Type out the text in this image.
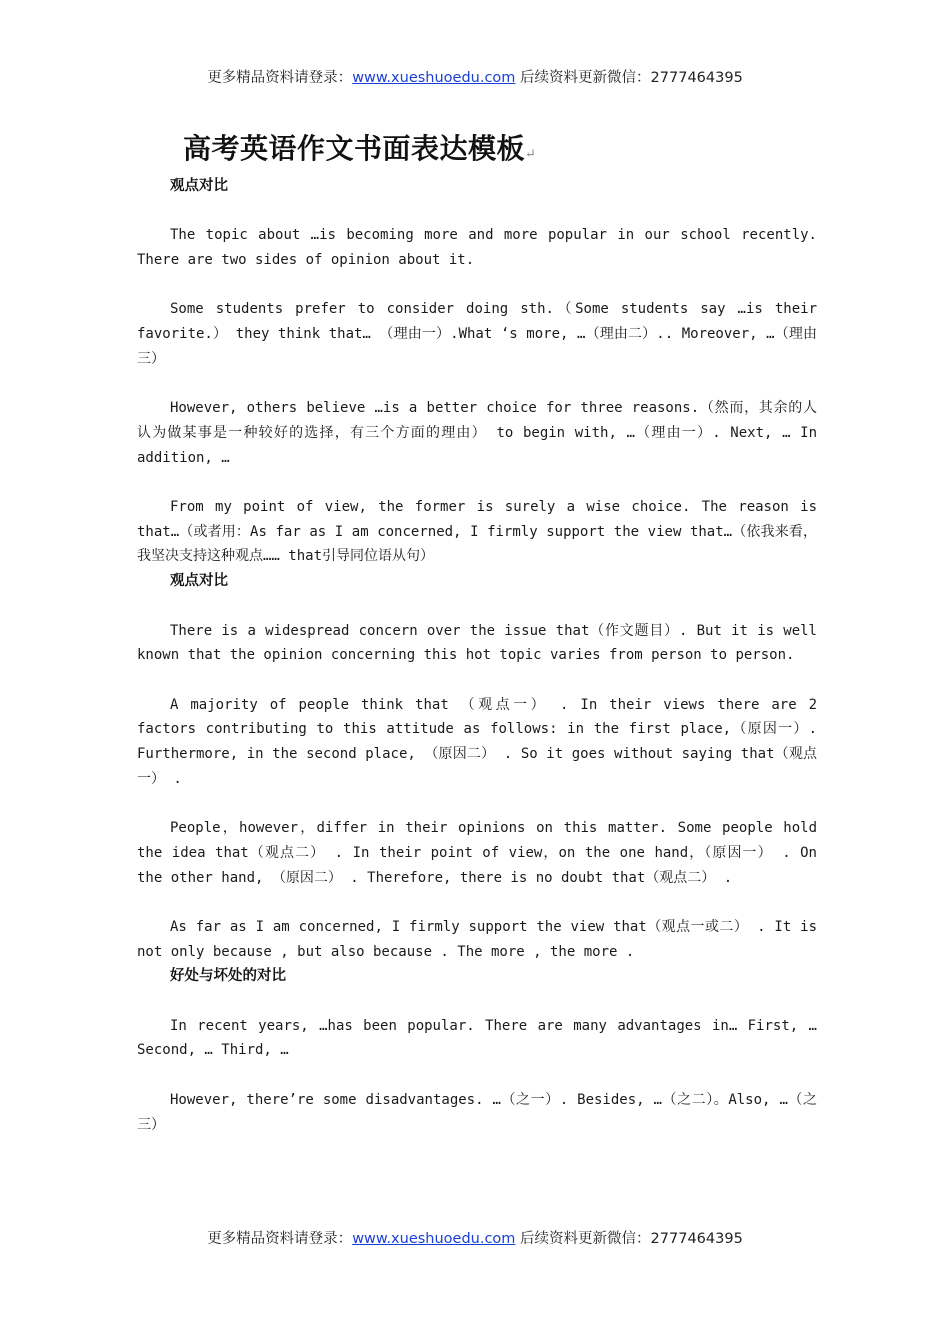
更多精品资料请登录：www.xueshuoedu.com 后续资料更新微信：2777464395
高考英语作文书面表达模板↵
观点对比

The topic about …is becoming more and more popular in our school recently. There are two sides of opinion about it.

Some students prefer to consider doing sth.（Some students say …is their favorite.） they think that… （理由一）.What ‘s more, …（理由二）.. Moreover, …（理由三）

However, others believe …is a better choice for three reasons.（然而，其余的人认为做某事是一种较好的选择，有三个方面的理由） to begin with, …（理由一）. Next, … In addition, …

From my point of view, the former is surely a wise choice. The reason is that…（或者用：As far as I am concerned, I firmly support the view that…（依我来看，我坚决支持这种观点…… that引导同位语从句）

观点对比

There is a widespread concern over the issue that（作文题目）. But it is well known that the opinion concerning this hot topic varies from person to person.

A majority of people think that （观点一） . In their views there are 2 factors contributing to this attitude as follows: in the first place,（原因一）. Furthermore, in the second place, （原因二） . So it goes without saying that（观点一） .

People，however，differ in their opinions on this matter. Some people hold the idea that（观点二） . In their point of view，on the one hand，（原因一） . On the other hand, （原因二） . Therefore, there is no doubt that（观点二） .

As far as I am concerned, I firmly support the view that（观点一或二） . It is not only because , but also because . The more , the more .

好处与坏处的对比

In recent years, …has been popular. There are many advantages in… First, … Second, … Third, …

However, there’re some disadvantages. …（之一）. Besides, …（之二）。Also, …（之三）

更多精品资料请登录：www.xueshuoedu.com 后续资料更新微信：2777464395
